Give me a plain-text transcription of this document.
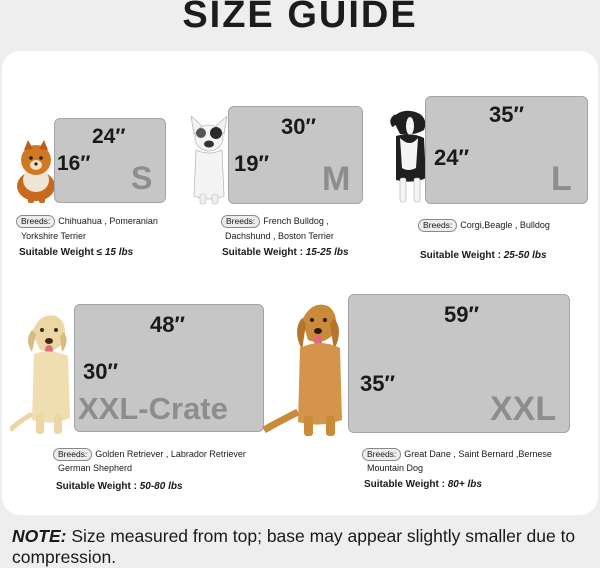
SIZE GUIDE
24″
16″ S
Breeds: Chihuahua , Pomeranian
Yorkshire Terrier
Suitable Weight ≤ 15 lbs
30″
19″ M
Breeds: French Bulldog ,
Dachshund , Boston Terrier
Suitable Weight : 15-25 lbs
35″
24″
L
Breeds: Corgi,Beagle , Bulldog
Suitable Weight : 25-50 lbs
48″
30″
XXL-Crate
Breeds: Golden Retriever , Labrador Retriever
German Shepherd
Suitable Weight : 50-80 lbs
59″
35″
XXL
Breeds: Great Dane , Saint Bernard ,Bernese
Mountain Dog
Suitable Weight : 80+ lbs
NOTE: Size measured from top; base may appear slightly smaller due to compression.
